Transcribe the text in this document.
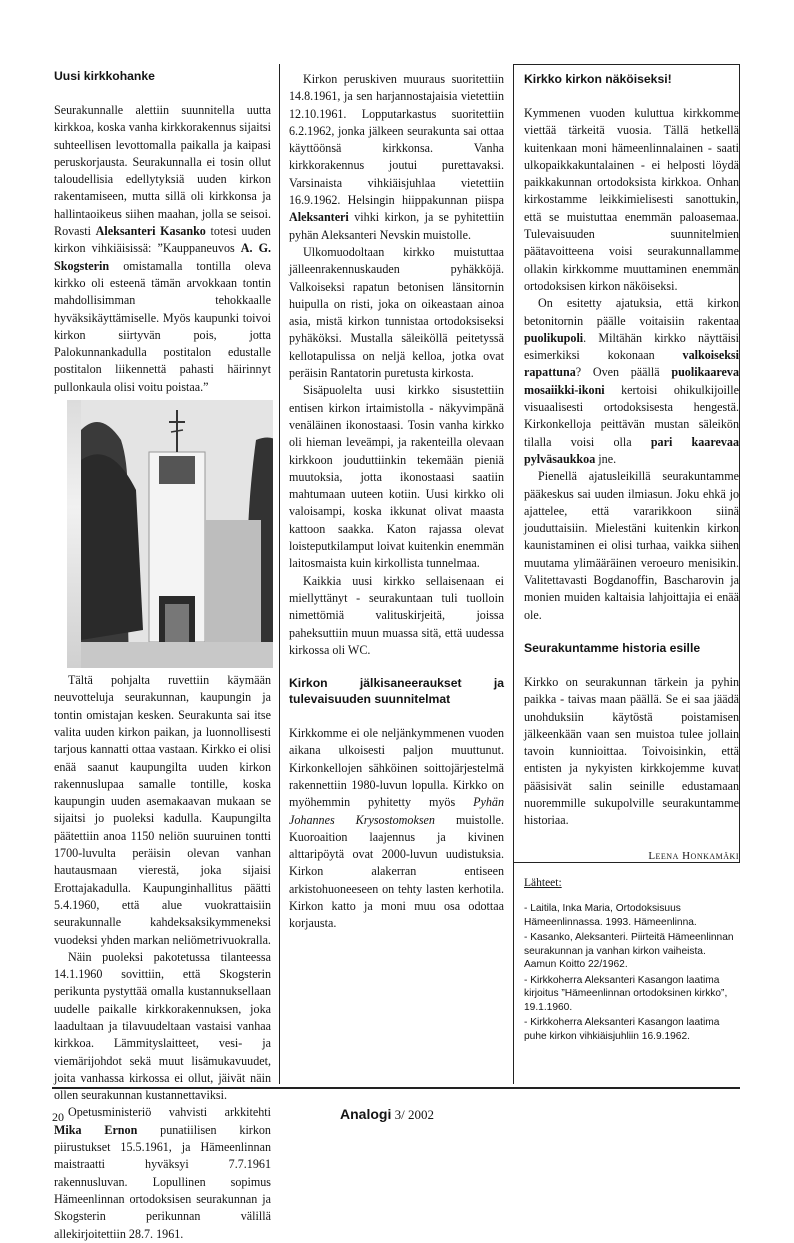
Uusi kirkkohanke

Seurakunnalle alettiin suunnitella uutta kirkkoa, koska vanha kirkkorakennus sijaitsi suhteellisen levottomalla paikalla ja kaipasi peruskorjausta. Seurakunnalla ei tosin ollut taloudellisia edellytyksiä uuden kirkon rakentamiseen, mutta sillä oli kirkkonsa ja hallintaoikeus siihen maahan, jolla se seisoi. Rovasti Aleksanteri Kasanko totesi uuden kirkon vihkiäisissä: ”Kauppaneuvos A. G. Skogsterin omistamalla tontilla oleva kirkko oli esteenä tämän arvokkaan tontin mahdollisimman tehokkaalle hyväksikäyttämiselle. Myös kaupunki toivoi kirkon siirtyvän pois, jotta Palokunnankadulla postitalon edustalle postitalon liikennettä pahasti häirinnyt pullonkaula olisi voitu poistaa.”

Tältä pohjalta ruvettiin käymään neuvotteluja seurakunnan, kaupungin ja tontin omistajan kesken. Seurakunta sai itse valita uuden kirkon paikan, ja luonnollisesti tarjous kannatti ottaa vastaan. Kirkko ei olisi enää saanut kaupungilta uuden kirkon rakennuslupaa samalle tontille, koska kaupungin uuden asemakaavan mukaan se sijaitsi jo puoleksi kadulla. Kaupungilta päätettiin anoa 1150 neliön suuruinen tontti 1700-luvulta peräisin olevan vanhan hautausmaan vierestä, joka sijaisi Erottajakadulla. Kaupunginhallitus päätti 5.4.1960, että alue vuokrattaisiin seurakunnalle kahdeksaksikymmeneksi vuodeksi yhden markan neliömetrivuokralla.

Näin puoleksi pakotetussa tilanteessa 14.1.1960 sovittiin, että Skogsterin perikunta pystyttää omalla kustannuksellaan uudelle paikalle kirkkorakennuksen, joka laadultaan ja tilavuudeltaan vastaisi vanhaa kirkkoa. Lämmityslaitteet, vesi- ja viemärijohdot sekä muut lisämukavuudet, joita vanhassa kirkossa ei ollut, jäivät näin ollen seurakunnan kustannettaviksi.

Opetusministeriö vahvisti arkkitehti Mika Ernon punatiilisen kirkon piirustukset 15.5.1961, ja Hämeenlinnan maistraatti hyväksyi 7.7.1961 rakennusluvan. Lopullinen sopimus Hämeenlinnan ortodoksisen seurakunnan ja Skogsterin perikunnan välillä allekirjoitettiin 28.7. 1961.

Kirkon peruskiven muuraus suoritettiin 14.8.1961, ja sen harjannostajaisia vietettiin 12.10.1961. Lopputarkastus suoritettiin 6.2.1962, jonka jälkeen seurakunta sai ottaa käyttöönsä kirkkonsa. Vanha kirkkorakennus joutui purettavaksi. Varsinaista vihkiäisjuhlaa vietettiin 16.9.1962. Helsingin hiippakunnan piispa Aleksanteri vihki kirkon, ja se pyhitettiin pyhän Aleksanteri Nevskin muistolle.

Ulkomuodoltaan kirkko muistuttaa jälleenrakennuskauden pyhäkköjä. Valkoiseksi rapatun betonisen länsitornin huipulla on risti, joka on oikeastaan ainoa asia, mistä kirkon tunnistaa ortodoksiseksi pyhäköksi. Mustalla säleiköllä peitetyssä kellotapulissa on neljä kelloa, jotka ovat peräisin Rantatorin puretusta kirkosta.

Sisäpuolelta uusi kirkko sisustettiin entisen kirkon irtaimistolla - näkyvimpänä venäläinen ikonostaasi. Tosin vanha kirkko oli hieman leveämpi, ja rakenteilla olevaan kirkkoon jouduttiinkin tekemään pieniä muutoksia, jotta ikonostaasi saatiin mahtumaan uuteen kotiin. Uusi kirkko oli valoisampi, koska ikkunat olivat maasta kattoon saakka. Katon rajassa olevat loisteputkilamput loivat kuitenkin enemmän laitosmaista kuin kirkollista tunnelmaa.

Kaikkia uusi kirkko sellaisenaan ei miellyttänyt - seurakuntaan tuli tuolloin nimettömiä valituskirjeitä, joissa paheksuttiin muun muassa sitä, että uudessa kirkossa oli WC.

Kirkon jälkisaneeraukset ja tulevaisuuden suunnitelmat

Kirkkomme ei ole neljänkymmenen vuoden aikana ulkoisesti paljon muuttunut. Kirkonkellojen sähköinen soittojärjestelmä rakennettiin 1980-luvun lopulla. Kirkko on myöhemmin pyhitetty myös Pyhän Johannes Krysostomoksen muistolle. Kuoroaition laajennus ja kivinen alttaripöytä ovat 2000-luvun uudistuksia. Kirkon alakerran entiseen arkistohuoneeseen on tehty lasten kerhotila. Kirkon katto ja moni muu osa odottaa korjausta.

Kirkko kirkon näköiseksi!

Kymmenen vuoden kuluttua kirkkomme viettää tärkeitä vuosia. Tällä hetkellä kuitenkaan moni hämeenlinnalainen - saati ulkopaikkakuntalainen - ei helposti löydä paikkakunnan ortodoksista kirkkoa. Onhan kirkostamme leikkimielisesti sanottukin, että se muistuttaa enemmän paloasemaa. Tulevaisuuden suunnitelmien päätavoitteena voisi seurakunnallamme ollakin kirkkomme muuttaminen enemmän ortodoksisen kirkon näköiseksi.

On esitetty ajatuksia, että kirkon betonitornin päälle voitaisiin rakentaa puolikupoli. Miltähän kirkko näyttäisi esimerkiksi kokonaan valkoiseksi rapattuna? Oven päällä puolikaareva mosaiikki-ikoni kertoisi ohikulkijoille visuaalisesti ortodoksisesta hengestä. Kirkonkelloja peittävän mustan säleikön tilalla voisi olla pari kaarevaa pylväsaukkoa jne.

Pienellä ajatusleikillä seurakuntamme pääkeskus sai uuden ilmiasun. Joku ehkä jo ajattelee, että vararikkoon siinä jouduttaisiin. Mielestäni kuitenkin kirkon kaunistaminen ei olisi turhaa, vaikka siihen muutama ylimääräinen veroeuro menisikin. Valitettavasti Bogdanoffin, Bascharovin ja monien muiden kaltaisia lahjoittajia ei enää ole.

Seurakuntamme historia esille

Kirkko on seurakunnan tärkein ja pyhin paikka - taivas maan päällä. Se ei saa jäädä unohduksiin käytöstä poistamisen jälkeenkään vaan sen muistoa tulee jollain tavoin kunnioittaa. Toivoisinkin, että entisten ja nykyisten kirkkojemme kuvat pääsisivät salin seinille edustamaan nuoremmille sukupolville seurakuntamme historiaa.

Leena Honkamäki
Lähteet:
- Laitila, Inka Maria, Ortodoksisuus Hämeenlinnassa. 1993. Hämeenlinna.
- Kasanko, Aleksanteri. Piirteitä Hämeenlinnan seurakunnan ja vanhan kirkon vaiheista. Aamun Koitto 22/1962.
- Kirkkoherra Aleksanteri Kasangon laatima kirjoitus ”Hämeenlinnan ortodoksinen kirkko”, 19.1.1960.
- Kirkkoherra Aleksanteri Kasangon laatima puhe kirkon vihkiäisjuhliin 16.9.1962.
20	Analogi 3/ 2002
